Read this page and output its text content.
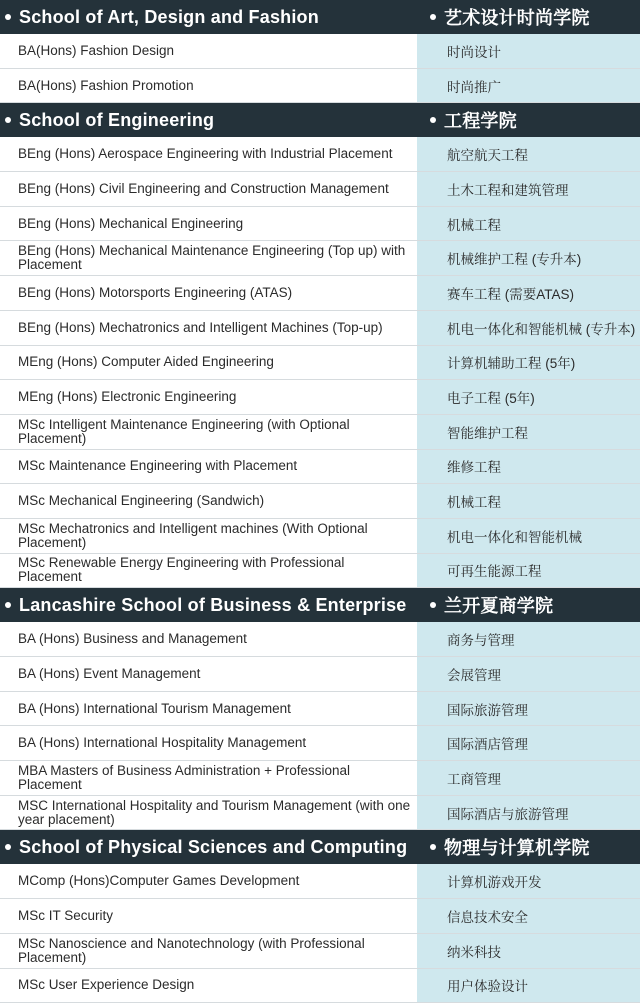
School of Art, Design and Fashion	艺术设计时尚学院
BA(Hons) Fashion Design	时尚设计
BA(Hons) Fashion Promotion	时尚推广
School of Engineering	工程学院
BEng (Hons) Aerospace Engineering with Industrial Placement	航空航天工程
BEng (Hons) Civil Engineering and Construction Management	土木工程和建筑管理
BEng (Hons) Mechanical Engineering	机械工程
BEng (Hons) Mechanical Maintenance Engineering (Top up) with Placement	机械维护工程 (专升本)
BEng (Hons) Motorsports Engineering (ATAS)	赛车工程 (需要ATAS)
BEng (Hons) Mechatronics and Intelligent Machines (Top-up)	机电一体化和智能机械 (专升本)
MEng (Hons) Computer Aided Engineering	计算机辅助工程 (5年)
MEng (Hons) Electronic Engineering	电子工程 (5年)
MSc Intelligent Maintenance Engineering (with Optional Placement)	智能维护工程
MSc Maintenance Engineering with Placement	维修工程
MSc Mechanical Engineering (Sandwich)	机械工程
MSc Mechatronics and Intelligent machines (With Optional Placement)	机电一体化和智能机械
MSc Renewable Energy Engineering with Professional Placement	可再生能源工程
Lancashire School of Business & Enterprise 兰开夏商学院
BA (Hons) Business and Management	商务与管理
BA (Hons) Event Management	会展管理
BA (Hons) International Tourism Management	国际旅游管理
BA (Hons) International Hospitality Management	国际酒店管理
MBA Masters of Business Administration + Professional Placement	工商管理
MSC International Hospitality and Tourism Management (with one year placement)	国际酒店与旅游管理
School of Physical Sciences and Computing 物理与计算机学院
MComp (Hons)Computer Games Development	计算机游戏开发
MSc IT Security	信息技术安全
MSc Nanoscience and Nanotechnology (with Professional Placement)	纳米科技
MSc User Experience Design	用户体验设计
